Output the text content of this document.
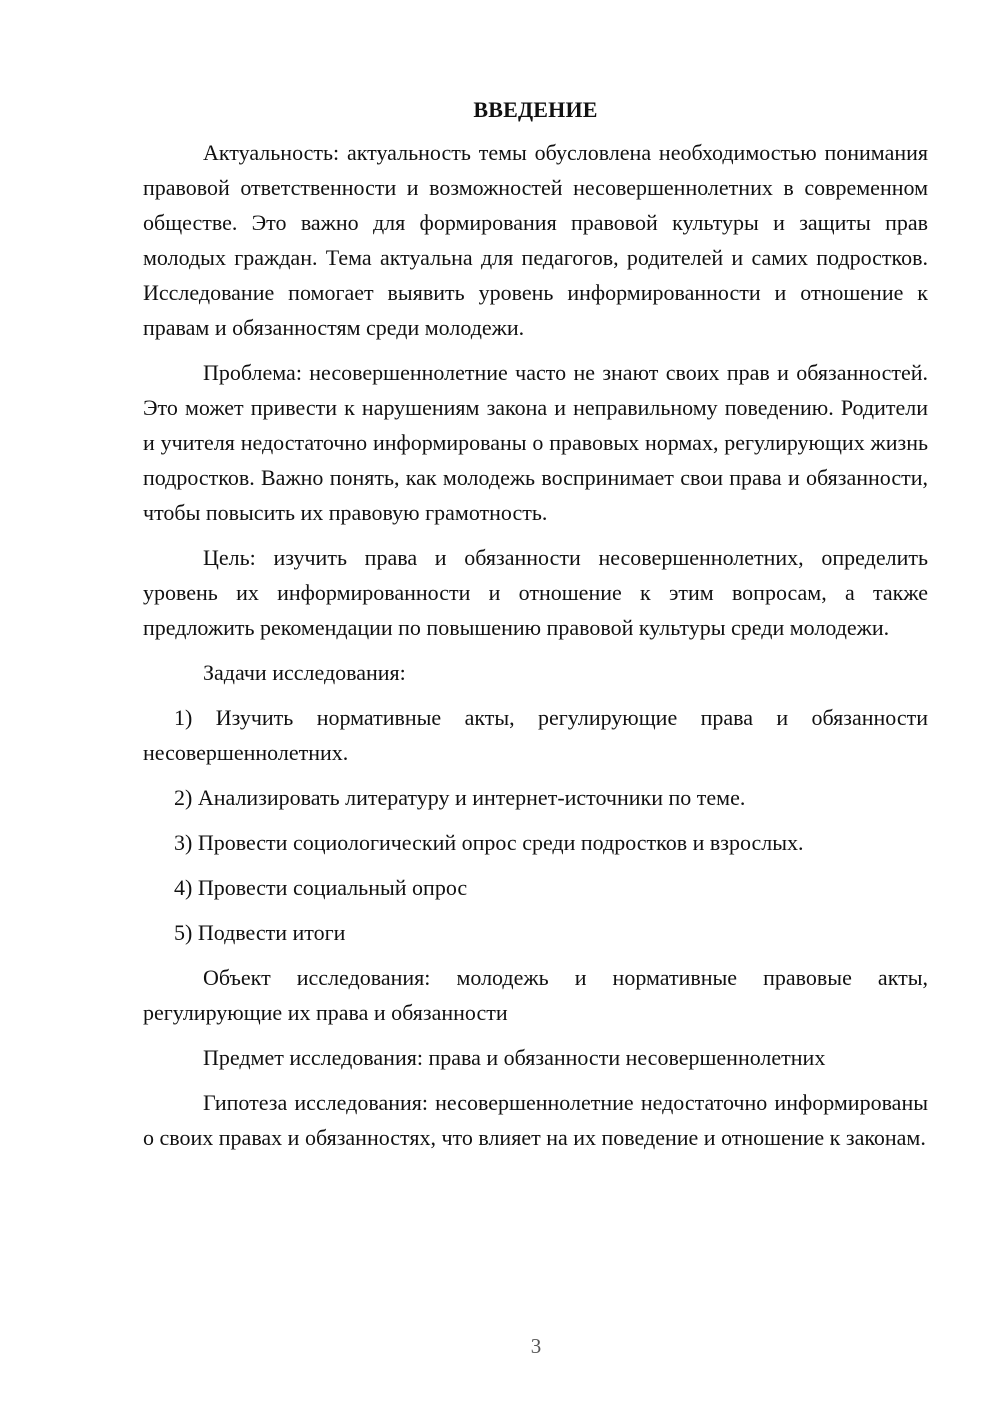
ВВЕДЕНИЕ

Актуальность: актуальность темы обусловлена необходимостью понимания правовой ответственности и возможностей несовершеннолетних в современном обществе. Это важно для формирования правовой культуры и защиты прав молодых граждан. Тема актуальна для педагогов, родителей и самих подростков. Исследование помогает выявить уровень информированности и отношение к правам и обязанностям среди молодежи.

Проблема: несовершеннолетние часто не знают своих прав и обязанностей. Это может привести к нарушениям закона и неправильному поведению. Родители и учителя недостаточно информированы о правовых нормах, регулирующих жизнь подростков. Важно понять, как молодежь воспринимает свои права и обязанности, чтобы повысить их правовую грамотность.

Цель: изучить права и обязанности несовершеннолетних, определить уровень их информированности и отношение к этим вопросам, а также предложить рекомендации по повышению правовой культуры среди молодежи.

Задачи исследования:

1) Изучить нормативные акты, регулирующие права и обязанности несовершеннолетних.

2) Анализировать литературу и интернет-источники по теме.

3) Провести социологический опрос среди подростков и взрослых.

4) Провести социальный опрос

5) Подвести итоги

Объект исследования: молодежь и нормативные правовые акты, регулирующие их права и обязанности

Предмет исследования: права и обязанности несовершеннолетних

Гипотеза исследования: несовершеннолетние недостаточно информированы о своих правах и обязанностях, что влияет на их поведение и отношение к законам.

3
